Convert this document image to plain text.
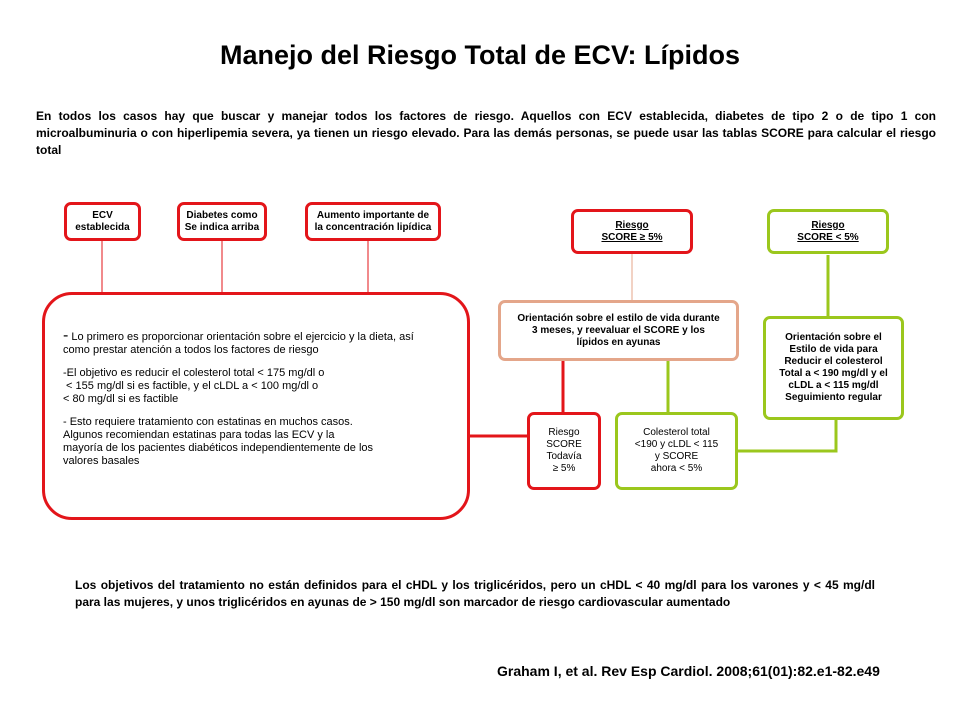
Manejo del Riesgo Total de ECV: Lípidos
En todos los casos hay que buscar y manejar todos los factores de riesgo. Aquellos con ECV establecida, diabetes de tipo 2 o de tipo 1 con microalbuminuria o con hiperlipemia severa, ya tienen un riesgo elevado. Para las demás personas, se puede usar las tablas SCORE para calcular el riesgo total
ECV
establecida
Diabetes como
Se indica arriba
Aumento importante de
la concentración lipídica	Riesgo
SCORE ≥ 5%
Riesgo
SCORE < 5%
Orientación sobre el estilo de vida durante
3 meses, y reevaluar el SCORE y los
lípidos en ayunas	Orientación sobre el
Estilo de vida para
Reducir el colesterol
Total a < 190 mg/dl y el
cLDL a < 115 mg/dl
Seguimiento regular
Riesgo
SCORE
Todavía
≥ 5%
Colesterol total
<190 y cLDL < 115
y SCORE
ahora < 5%

- Lo primero es proporcionar orientación sobre el ejercicio y la dieta, así como prestar atención a todos los factores de riesgo

-El objetivo es reducir el colesterol total < 175 mg/dl o
< 155 mg/dl si es factible, y el cLDL a < 100 mg/dl o
< 80 mg/dl si es factible

- Esto requiere tratamiento con estatinas en muchos casos.
Algunos recomiendan estatinas para todas las ECV y la
mayoría de los pacientes diabéticos independientemente de los
valores basales

Los objetivos del tratamiento no están definidos para el cHDL y los triglicéridos, pero un cHDL < 40 mg/dl para los varones y < 45 mg/dl para las mujeres, y unos triglicéridos en ayunas de > 150 mg/dl son marcador de riesgo cardiovascular aumentado
Graham I, et al. Rev Esp Cardiol. 2008;61(01):82.e1-82.e49
